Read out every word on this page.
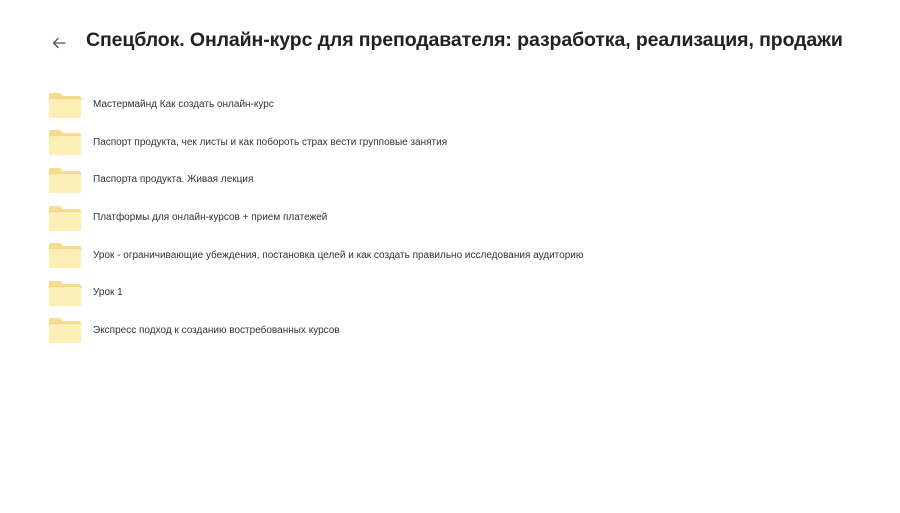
Спецблок. Онлайн-курс для преподавателя: разработка, реализация, продажи
Мастермайнд Как создать онлайн-курс
Паспорт продукта, чек листы и как побороть страх вести групповые занятия
Паспорта продукта. Живая лекция
Платформы для онлайн-курсов + прием платежей
Урок - ограничивающие убеждения, постановка целей и как создать правильно исследования аудиторию
Урок 1
Экспресс подход к созданию востребованных курсов
